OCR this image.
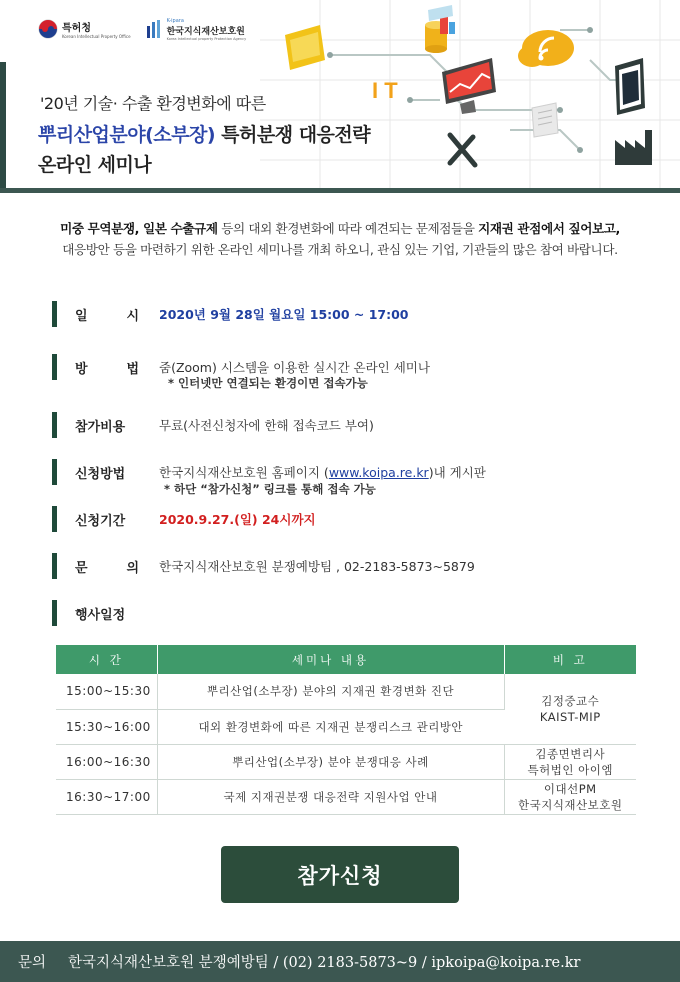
I T
특허청
Korean Intellectual Property Office
K-ipara
한국지식재산보호원
Korea Intellectual property Protection Agency
'20년 기술· 수출 환경변화에 따른
뿌리산업분야(소부장) 특허분쟁 대응전략
온라인 세미나
미중 무역분쟁, 일본 수출규제 등의 대외 환경변화에 따라 예견되는 문제점들을 지재권 관점에서 짚어보고,
대응방안 등을 마련하기 위한 온라인 세미나를 개최 하오니, 관심 있는 기업, 기관들의 많은 참여 바랍니다.
일	시 2020년 9월 28일 월요일 15:00 ~ 17:00
방	법 줌(Zoom) 시스템을 이용한 실시간 온라인 세미나
* 인터넷만 연결되는 환경이면 접속가능
참가비용	무료(사전신청자에 한해 접속코드 부여)
신청방법	한국지식재산보호원 홈페이지 (www.koipa.re.kr)내 게시판
* 하단 “참가신청” 링크를 통해 접속 가능
신청기간	2020.9.27.(일) 24시까지
문	의 한국지식재산보호원 분쟁예방팀 , 02-2183-5873~5879
행사일정
시 간	세미나 내용	비 고
15:00~15:30	뿌리산업(소부장) 분야의 지재권 환경변화 진단	김정중교수
KAIST-MIP

15:30~16:00	대외 환경변화에 따른 지재권 분쟁리스크 관리방안	
16:00~16:30	뿌리산업(소부장) 분야 분쟁대응 사례	김종면변리사
특허법인 아이엠

16:30~17:00	국제 지재권분쟁 대응전략 지원사업 안내	이대선PM
한국지식재산보호원
참가신청
문의 한국지식재산보호원 분쟁예방팀 / (02) 2183-5873~9 / ipkoipa@koipa.re.kr
